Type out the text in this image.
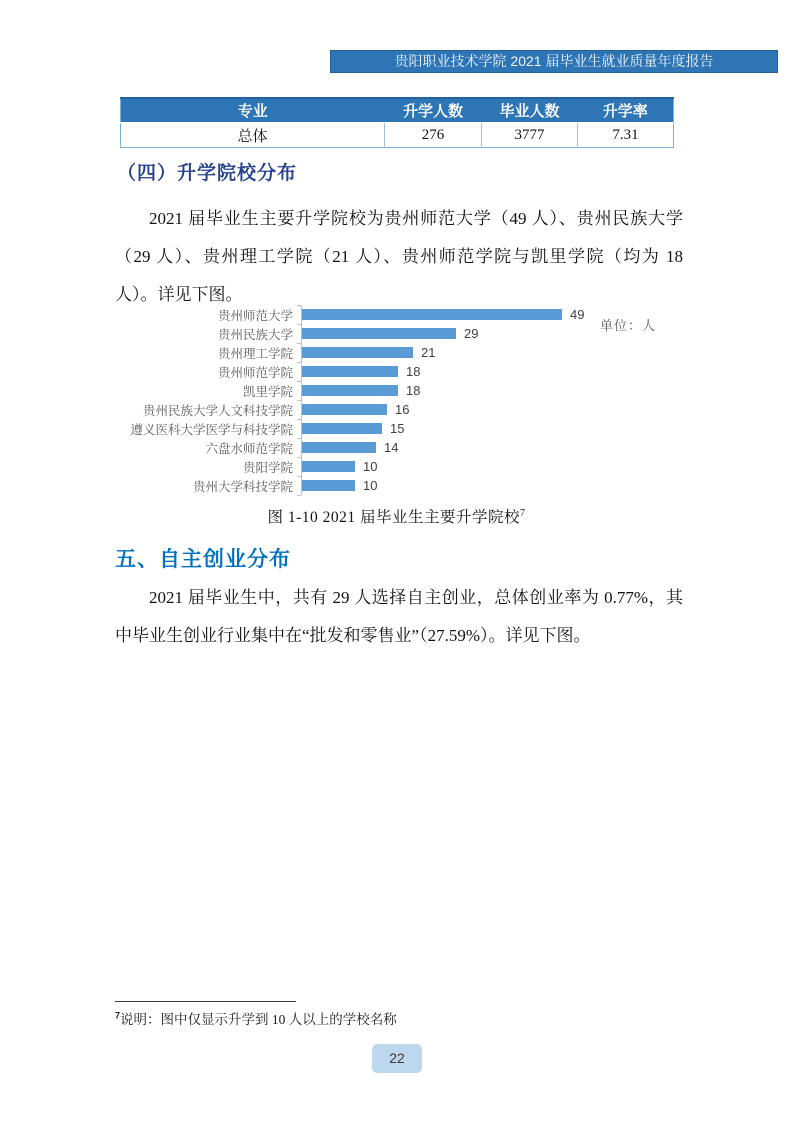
贵阳职业技术学院 2021 届毕业生就业质量年度报告
专业	升学人数	毕业人数	升学率
总体	276	3777	7.31
（四）升学院校分布
2021 届毕业生主要升学院校为贵州师范大学（49 人）、贵州民族大学（29 人）、贵州理工学院（21 人）、贵州师范学院与凯里学院（均为 18 人）。详见下图。
单位：人
贵州师范大学	49
贵州民族大学	29
贵州理工学院	21
贵州师范学院	18
凯里学院	18
贵州民族大学人文科技学院	16
遵义医科大学医学与科技学院	15
六盘水师范学院	14
贵阳学院	10
贵州大学科技学院	10
图 1-10 2021 届毕业生主要升学院校$^7$
五、自主创业分布
2021 届毕业生中，共有 29 人选择自主创业，总体创业率为 0.77%，其中毕业生创业行业集中在“批发和零售业”（27.59%）。详见下图。
$^7$说明：图中仅显示升学到 10 人以上的学校名称
22
